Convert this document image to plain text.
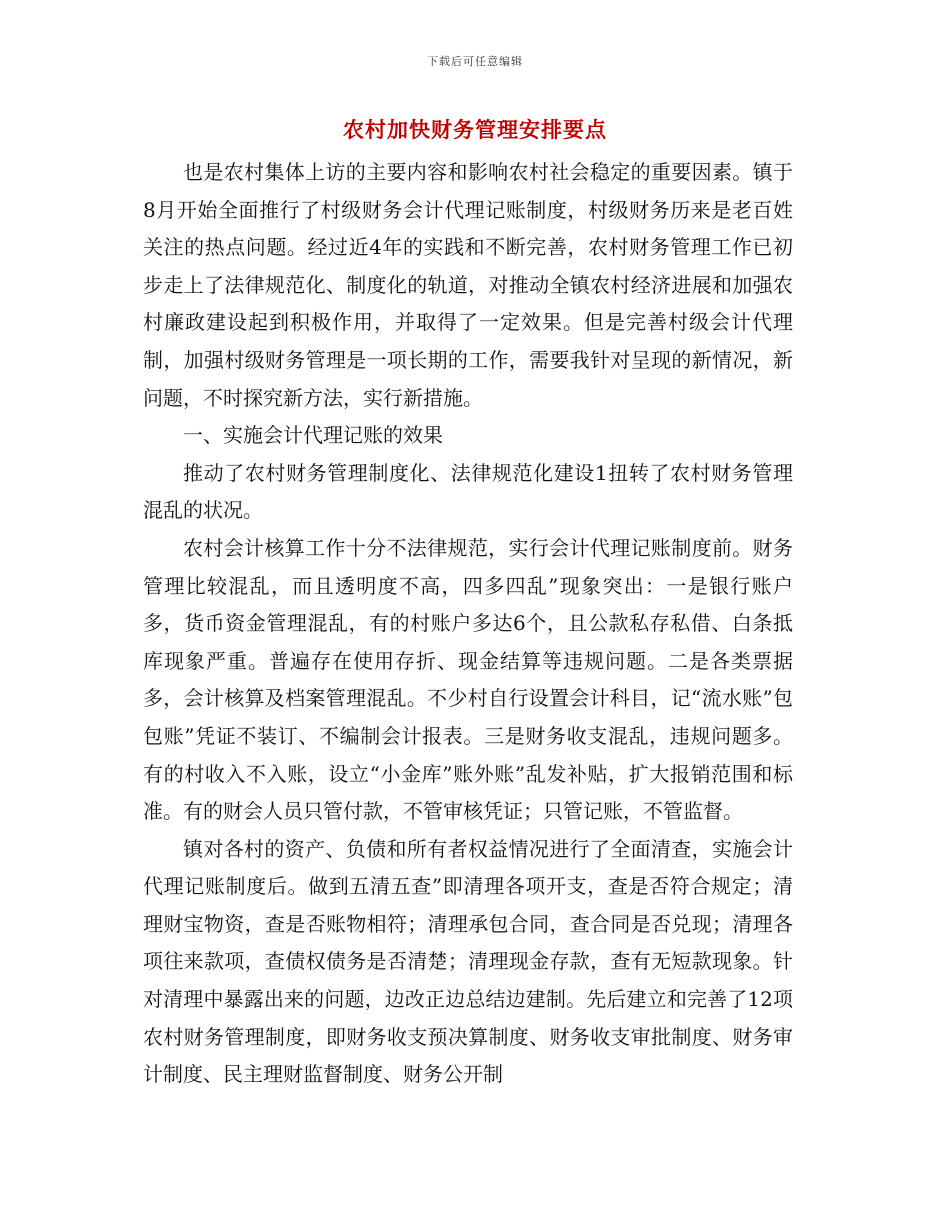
下载后可任意编辑
农村加快财务管理安排要点

也是农村集体上访的主要内容和影响农村社会稳定的重要因素。镇于8月开始全面推行了村级财务会计代理记账制度，村级财务历来是老百姓关注的热点问题。经过近4年的实践和不断完善，农村财务管理工作已初步走上了法律规范化、制度化的轨道，对推动全镇农村经济进展和加强农村廉政建设起到积极作用，并取得了一定效果。但是完善村级会计代理制，加强村级财务管理是一项长期的工作，需要我针对呈现的新情况，新问题，不时探究新方法，实行新措施。

一、实施会计代理记账的效果

推动了农村财务管理制度化、法律规范化建设1扭转了农村财务管理混乱的状况。

农村会计核算工作十分不法律规范，实行会计代理记账制度前。财务管理比较混乱，而且透明度不高，四多四乱”现象突出：一是银行账户多，货币资金管理混乱，有的村账户多达6个，且公款私存私借、白条抵库现象严重。普遍存在使用存折、现金结算等违规问题。二是各类票据多，会计核算及档案管理混乱。不少村自行设置会计科目，记“流水账”包包账”凭证不装订、不编制会计报表。三是财务收支混乱，违规问题多。有的村收入不入账，设立“小金库”账外账”乱发补贴，扩大报销范围和标准。有的财会人员只管付款，不管审核凭证；只管记账，不管监督。

镇对各村的资产、负债和所有者权益情况进行了全面清查，实施会计代理记账制度后。做到五清五查”即清理各项开支，查是否符合规定；清理财宝物资，查是否账物相符；清理承包合同，查合同是否兑现；清理各项往来款项，查债权债务是否清楚；清理现金存款，查有无短款现象。针对清理中暴露出来的问题，边改正边总结边建制。先后建立和完善了12项农村财务管理制度，即财务收支预决算制度、财务收支审批制度、财务审计制度、民主理财监督制度、财务公开制
